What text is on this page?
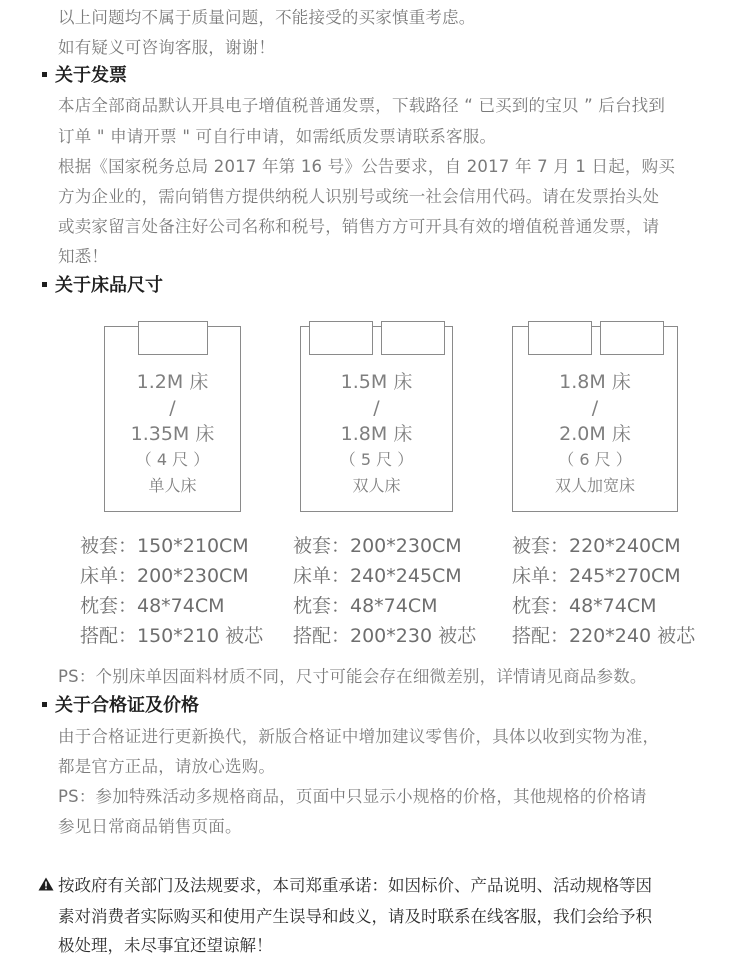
以上问题均不属于质量问题，不能接受的买家慎重考虑。
如有疑义可咨询客服，谢谢！
关于发票
本店全部商品默认开具电子增值税普通发票，下载路径 “ 已买到的宝贝 ” 后台找到
订单 " 申请开票 " 可自行申请，如需纸质发票请联系客服。
根据《国家税务总局 2017 年第 16 号》公告要求，自 2017 年 7 月 1 日起，购买
方为企业的，需向销售方提供纳税人识别号或统一社会信用代码。请在发票抬头处
或卖家留言处备注好公司名称和税号，销售方方可开具有效的增值税普通发票，请
知悉！
关于床品尺寸
1.2M 床
/
1.35M 床
（ 4 尺 ）
单人床
1.5M 床
/
1.8M 床
（ 5 尺 ）
双人床
1.8M 床
/
2.0M 床
（ 6 尺 ）
双人加宽床
被套：150*210CM
床单：200*230CM
枕套：48*74CM
搭配：150*210 被芯
被套：200*230CM
床单：240*245CM
枕套：48*74CM
搭配：200*230 被芯
被套：220*240CM
床单：245*270CM
枕套：48*74CM
搭配：220*240 被芯
PS：个别床单因面料材质不同，尺寸可能会存在细微差别，详情请见商品参数。
关于合格证及价格
由于合格证进行更新换代，新版合格证中增加建议零售价，具体以收到实物为准，
都是官方正品，请放心选购。
PS：参加特殊活动多规格商品，页面中只显示小规格的价格，其他规格的价格请
参见日常商品销售页面。
按政府有关部门及法规要求，本司郑重承诺：如因标价、产品说明、活动规格等因
素对消费者实际购买和使用产生误导和歧义，请及时联系在线客服，我们会给予积
极处理，未尽事宜还望谅解！
